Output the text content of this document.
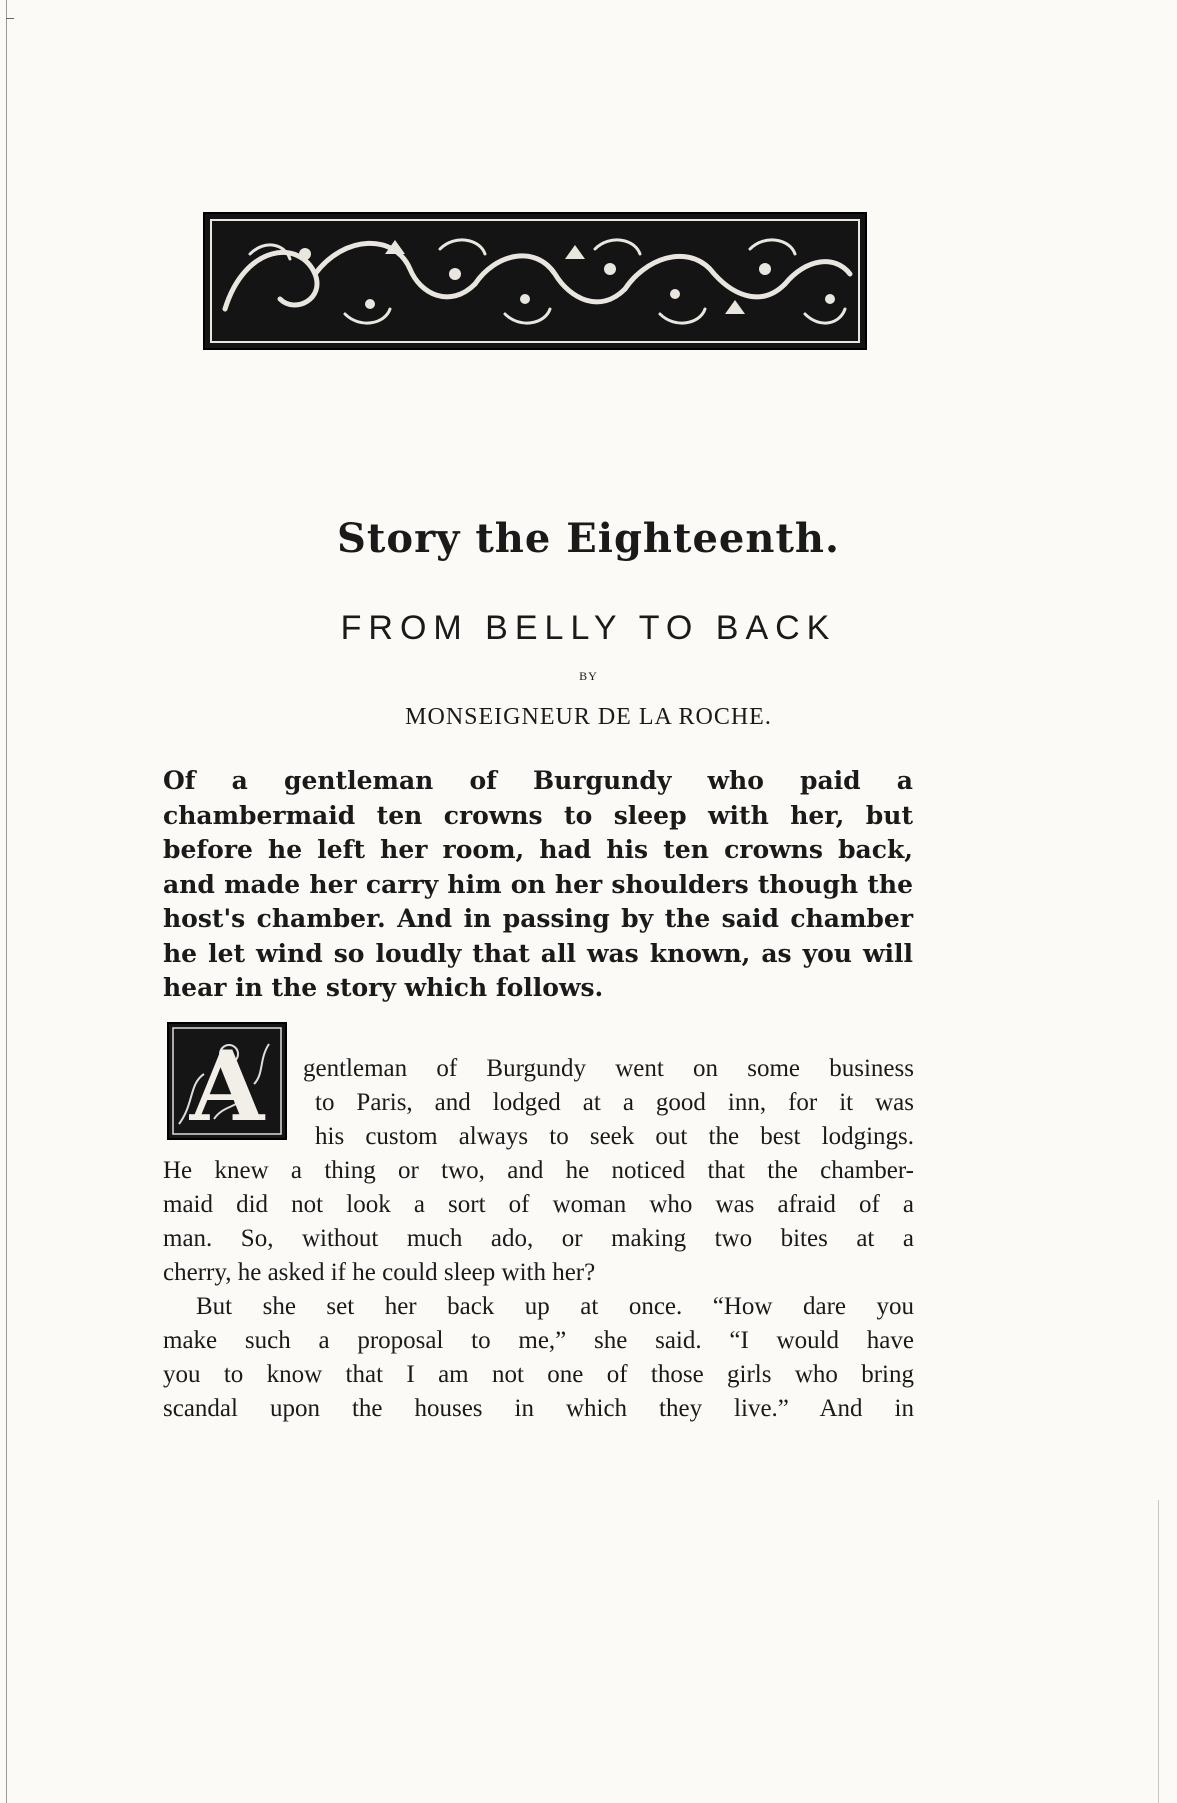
Story the Eighteenth.
FROM BELLY TO BACK
BY
MONSEIGNEUR DE LA ROCHE.
Of a gentleman of Burgundy who paid a chambermaid ten crowns to sleep with her, but before he left her room, had his ten crowns back, and made her carry him on her shoulders though the host's chamber. And in passing by the said chamber he let wind so loudly that all was known, as you will hear in the story which follows.
A	gentleman of Burgundy went on some business
to Paris, and lodged at a good inn, for it was
his custom always to seek out the best lodgings.
He knew a thing or two, and he noticed that the chamber-
maid did not look a sort of woman who was afraid of a
man. So, without much ado, or making two bites at a
cherry, he asked if he could sleep with her?
But she set her back up at once. “How dare you
make such a proposal to me,” she said. “I would have
you to know that I am not one of those girls who bring
scandal upon the houses in which they live.” And in
